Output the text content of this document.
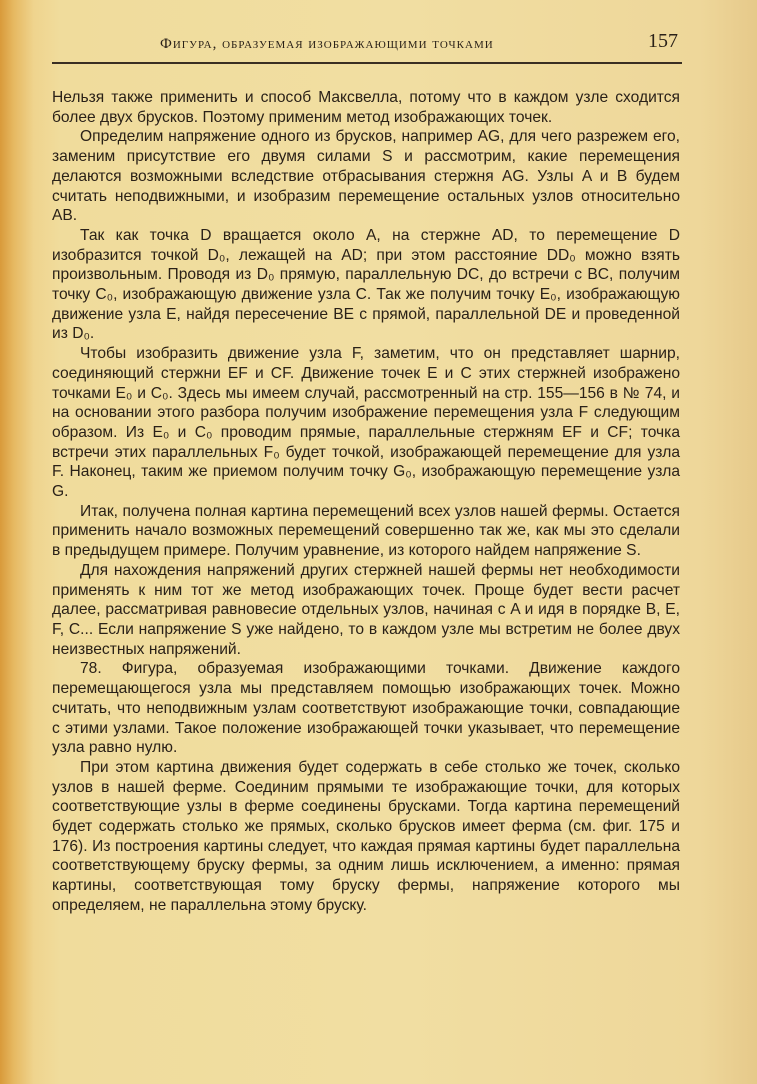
Фигура, образуемая изображающими точками	157

Нельзя также применить и способ Максвелла, потому что в каждом узле сходится более двух брусков. Поэтому применим метод изображающих точек.

Определим напряжение одного из брусков, например AG, для чего разрежем его, заменим присутствие его двумя силами S и рассмотрим, какие перемещения делаются возможными вследствие отбрасывания стержня AG. Узлы A и B будем считать неподвижными, и изобразим перемещение остальных узлов относительно AB.

Так как точка D вращается около A, на стержне AD, то перемещение D изобразится точкой D₀, лежащей на AD; при этом расстояние DD₀ можно взять произвольным. Проводя из D₀ прямую, параллельную DC, до встречи с BC, получим точку C₀, изображающую движение узла C. Так же получим точку E₀, изображающую движение узла E, найдя пересечение BE с прямой, параллельной DE и проведенной из D₀.

Чтобы изобразить движение узла F, заметим, что он представляет шарнир, соединяющий стержни EF и CF. Движение точек E и C этих стержней изображено точками E₀ и C₀. Здесь мы имеем случай, рассмотренный на стр. 155—156 в № 74, и на основании этого разбора получим изображение перемещения узла F следующим образом. Из E₀ и C₀ проводим прямые, параллельные стержням EF и CF; точка встречи этих параллельных F₀ будет точкой, изображающей перемещение для узла F. Наконец, таким же приемом получим точку G₀, изображающую перемещение узла G.

Итак, получена полная картина перемещений всех узлов нашей фермы. Остается применить начало возможных перемещений совершенно так же, как мы это сделали в предыдущем примере. Получим уравнение, из которого найдем напряжение S.

Для нахождения напряжений других стержней нашей фермы нет необходимости применять к ним тот же метод изображающих точек. Проще будет вести расчет далее, рассматривая равновесие отдельных узлов, начиная с A и идя в порядке B, E, F, C... Если напряжение S уже найдено, то в каждом узле мы встретим не более двух неизвестных напряжений.

78. Фигура, образуемая изображающими точками. Движение каждого перемещающегося узла мы представляем помощью изображающих точек. Можно считать, что неподвижным узлам соответствуют изображающие точки, совпадающие с этими узлами. Такое положение изображающей точки указывает, что перемещение узла равно нулю.

При этом картина движения будет содержать в себе столько же точек, сколько узлов в нашей ферме. Соединим прямыми те изображающие точки, для которых соответствующие узлы в ферме соединены брусками. Тогда картина перемещений будет содержать столько же прямых, сколько брусков имеет ферма (см. фиг. 175 и 176). Из построения картины следует, что каждая прямая картины будет параллельна соответствующему бруску фермы, за одним лишь исключением, а именно: прямая картины, соответствующая тому бруску фермы, напряжение которого мы определяем, не параллельна этому бруску.
